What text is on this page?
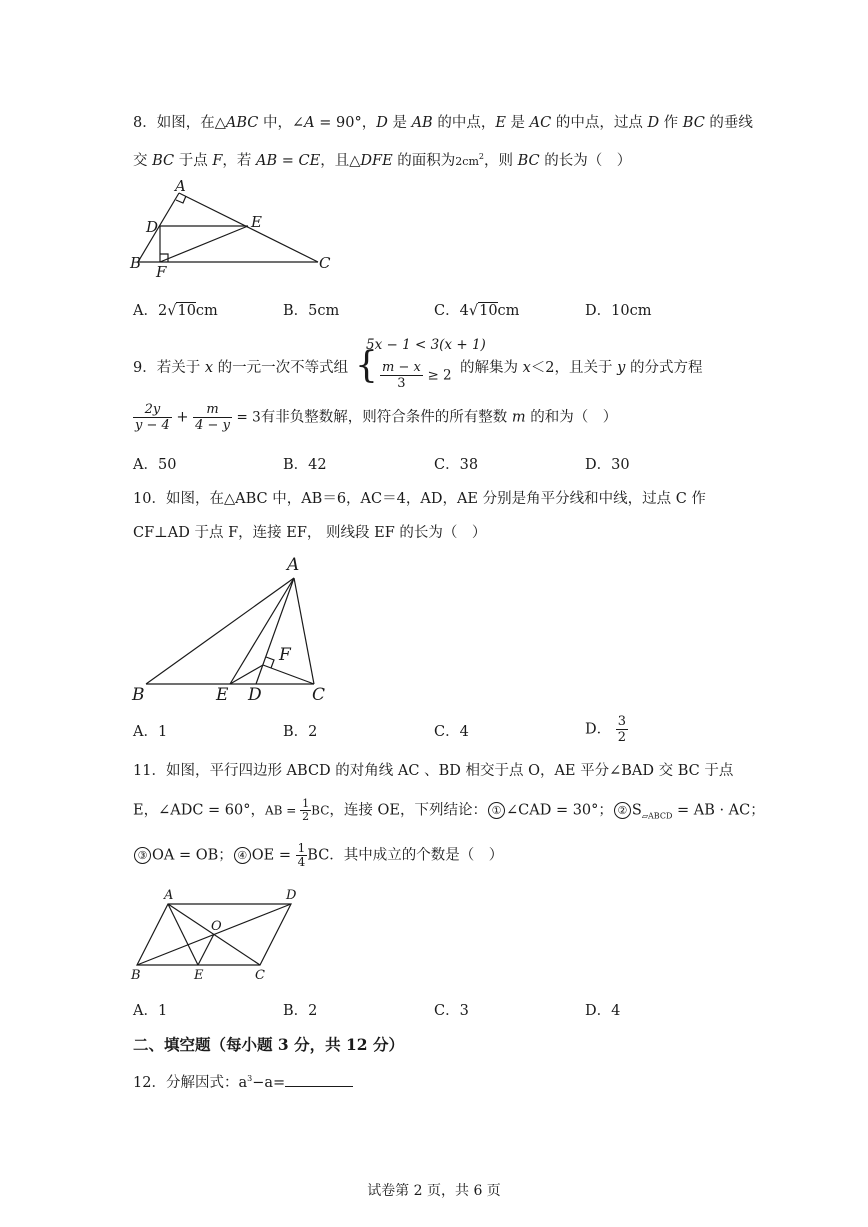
8．如图，在△ABC 中，∠A = 90°，D 是 AB 的中点，E 是 AC 的中点，过点 D 作 BC 的垂线
交 BC 于点 F，若 AB = CE，且△DFE 的面积为$2cm^2$，则 BC 的长为（　）
A
D	E
B F	C
A．2√10cm	B．5cm	C．4√10cm	D．10cm
9．若关于 x 的一元一次不等式组 {
5x − 1 < 3(x + 1)
$\frac{m - x}{3} \ge 2$ 的解集为 x＜2，且关于 y 的分式方程
$\frac{2y}{y - 4} + \frac{m}{4 - y} = 3$有非负整数解，则符合条件的所有整数 m 的和为（　）
A．50	B．42	C．38	D．30
10．如图，在△ABC 中，AB＝6，AC＝4，AD，AE 分别是角平分线和中线，过点 C 作
CF⊥AD 于点 F，连接 EF， 则线段 EF 的长为（　）
A
F
B	E D	C
A．1	B．2	C．4	D． $\frac{3}{2}$
11．如图，平行四边形 ABCD 的对角线 AC 、BD 相交于点 O，AE 平分∠BAD 交 BC 于点
E，∠ADC = 60°，AB = $\frac{1}{2}$ BC，连接 OE，下列结论： ① ∠CAD = 30°； ② $S_{▱ABCD}$ = AB · AC；
③ OA = OB； ④ OE = $\frac{1}{4}$ BC．其中成立的个数是（　）
A	D
O
B	E	C
A．1	B．2	C．3	D．4
二、填空题（每小题 3 分，共 12 分）
12．分解因式：$a^3-a=$
试卷第 2 页，共 6 页
